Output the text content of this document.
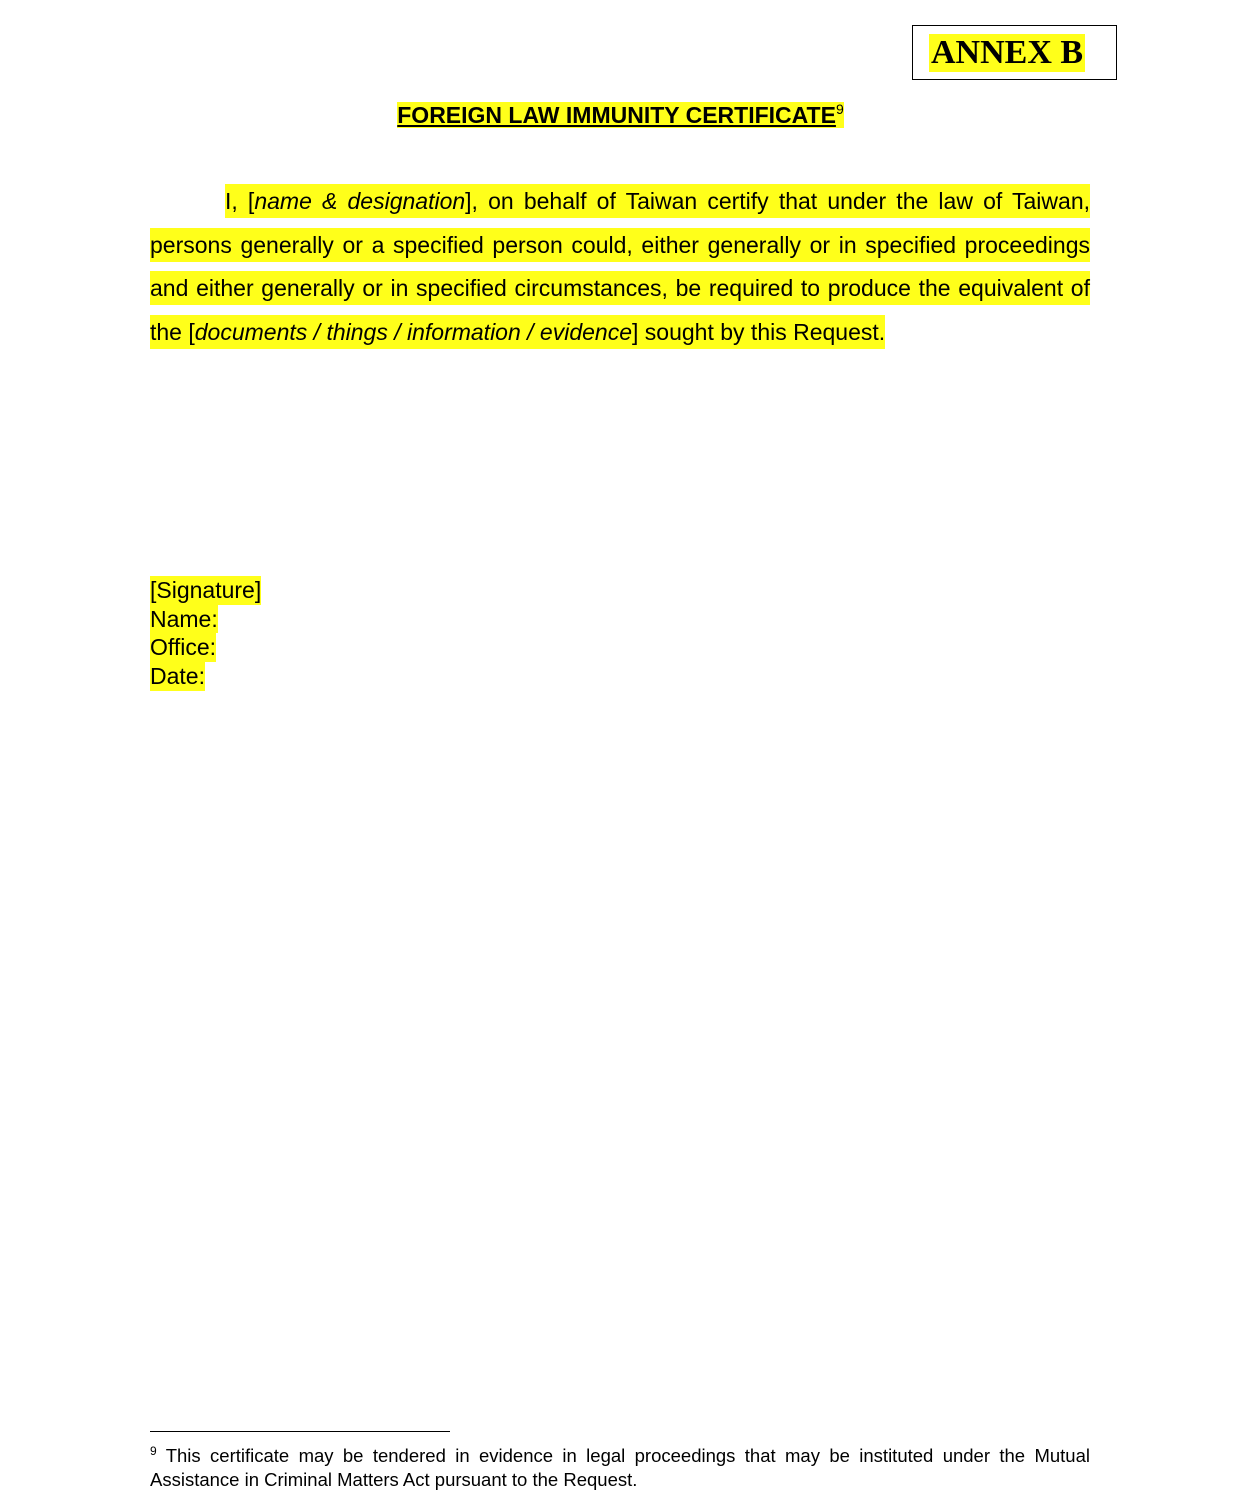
ANNEX B
FOREIGN LAW IMMUNITY CERTIFICATE$^9$
I, [name & designation], on behalf of Taiwan certify that under the law of Taiwan, persons generally or a specified person could, either generally or in specified proceedings and either generally or in specified circumstances, be required to produce the equivalent of the [documents / things / information / evidence] sought by this Request.
[Signature]
Name:
Office:
Date:
$^9$ This certificate may be tendered in evidence in legal proceedings that may be instituted under the Mutual Assistance in Criminal Matters Act pursuant to the Request.
